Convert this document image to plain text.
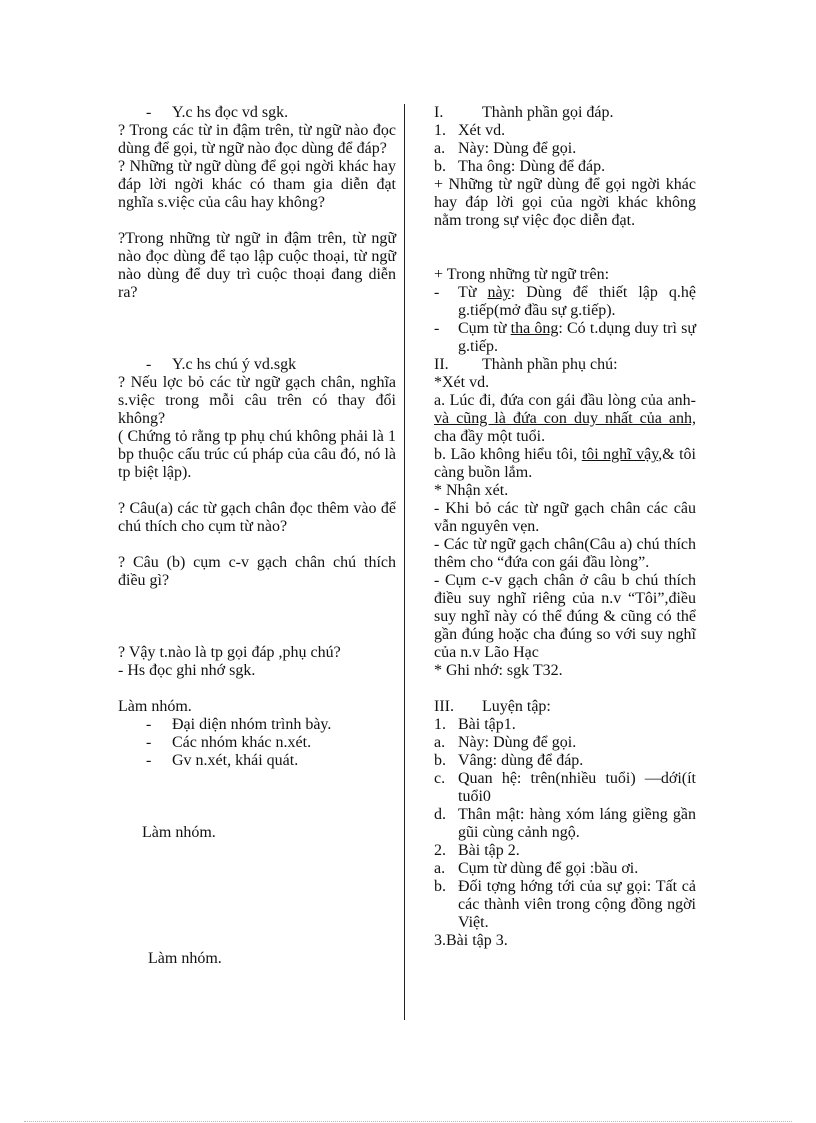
-	Y.c hs đọc vd sgk.

? Trong các từ in đậm trên, từ ngữ nào đọc dùng để gọi, từ ngữ nào đọc dùng để đáp?

? Những từ ngữ dùng để gọi ngời khác hay đáp lời ngời khác có tham gia diễn đạt nghĩa s.việc của câu hay không?

?Trong những từ ngữ in đậm trên, từ ngữ nào đọc dùng để tạo lập cuộc thoại, từ ngữ nào dùng để duy trì cuộc thoại đang diễn ra?

-	Y.c hs chú ý vd.sgk

? Nếu lợc bỏ các từ ngữ gạch chân, nghĩa s.việc trong mỗi câu trên có thay đổi không?

( Chứng tỏ rằng tp phụ chú không phải là 1 bp thuộc cấu trúc cú pháp của câu đó, nó là tp biệt lập).

? Câu(a) các từ gạch chân đọc thêm vào để chú thích cho cụm từ nào?

? Câu (b) cụm c-v gạch chân chú thích điều gì?

? Vậy t.nào là tp gọi đáp ,phụ chú?

- Hs đọc ghi nhớ sgk.

Làm nhóm.

-	Đại diện nhóm trình bày.
-	Các nhóm khác n.xét.
-	Gv n.xét, khái quát.

Làm nhóm.

Làm nhóm.

I.	Thành phần gọi đáp.
1. Xét vd.
a. Này: Dùng để gọi.
b. Tha ông: Dùng để đáp.

+ Những từ ngữ dùng để gọi ngời khác hay đáp lời gọi của ngời khác không nằm trong sự việc đọc diễn đạt.

+ Trong những từ ngữ trên:

-	Từ này: Dùng để thiết lập q.hệ g.tiếp(mở đầu sự g.tiếp).
-	Cụm từ tha ông: Có t.dụng duy trì sự g.tiếp.
II.	Thành phần phụ chú:

*Xét vd.

a. Lúc đi, đứa con gái đầu lòng của anh-và cũng là đứa con duy nhất của anh, cha đầy một tuổi.

b. Lão không hiểu tôi, tôi nghĩ vậy,& tôi càng buồn lắm.

* Nhận xét.

- Khi bỏ các từ ngữ gạch chân các câu vẫn nguyên vẹn.

- Các từ ngữ gạch chân(Câu a) chú thích thêm cho “đứa con gái đầu lòng”.

- Cụm c-v gạch chân ở câu b chú thích điều suy nghĩ riêng của n.v “Tôi”,điều suy nghĩ này có thể đúng & cũng có thể gần đúng hoặc cha đúng so với suy nghĩ của n.v Lão Hạc

* Ghi nhớ: sgk T32.

III.	Luyện tập:
1. Bài tập1.
a. Này: Dùng để gọi.
b. Vâng: dùng để đáp.
c. Quan hệ: trên(nhiều tuổi) —dới(ít tuổi0
d. Thân mật: hàng xóm láng giềng gần gũi cùng cảnh ngộ.
2. Bài tập 2.
a. Cụm từ dùng để gọi :bầu ơi.
b. Đối tợng hớng tới của sự gọi: Tất cả các thành viên trong cộng đồng ngời Việt.

3.Bài tập 3.
